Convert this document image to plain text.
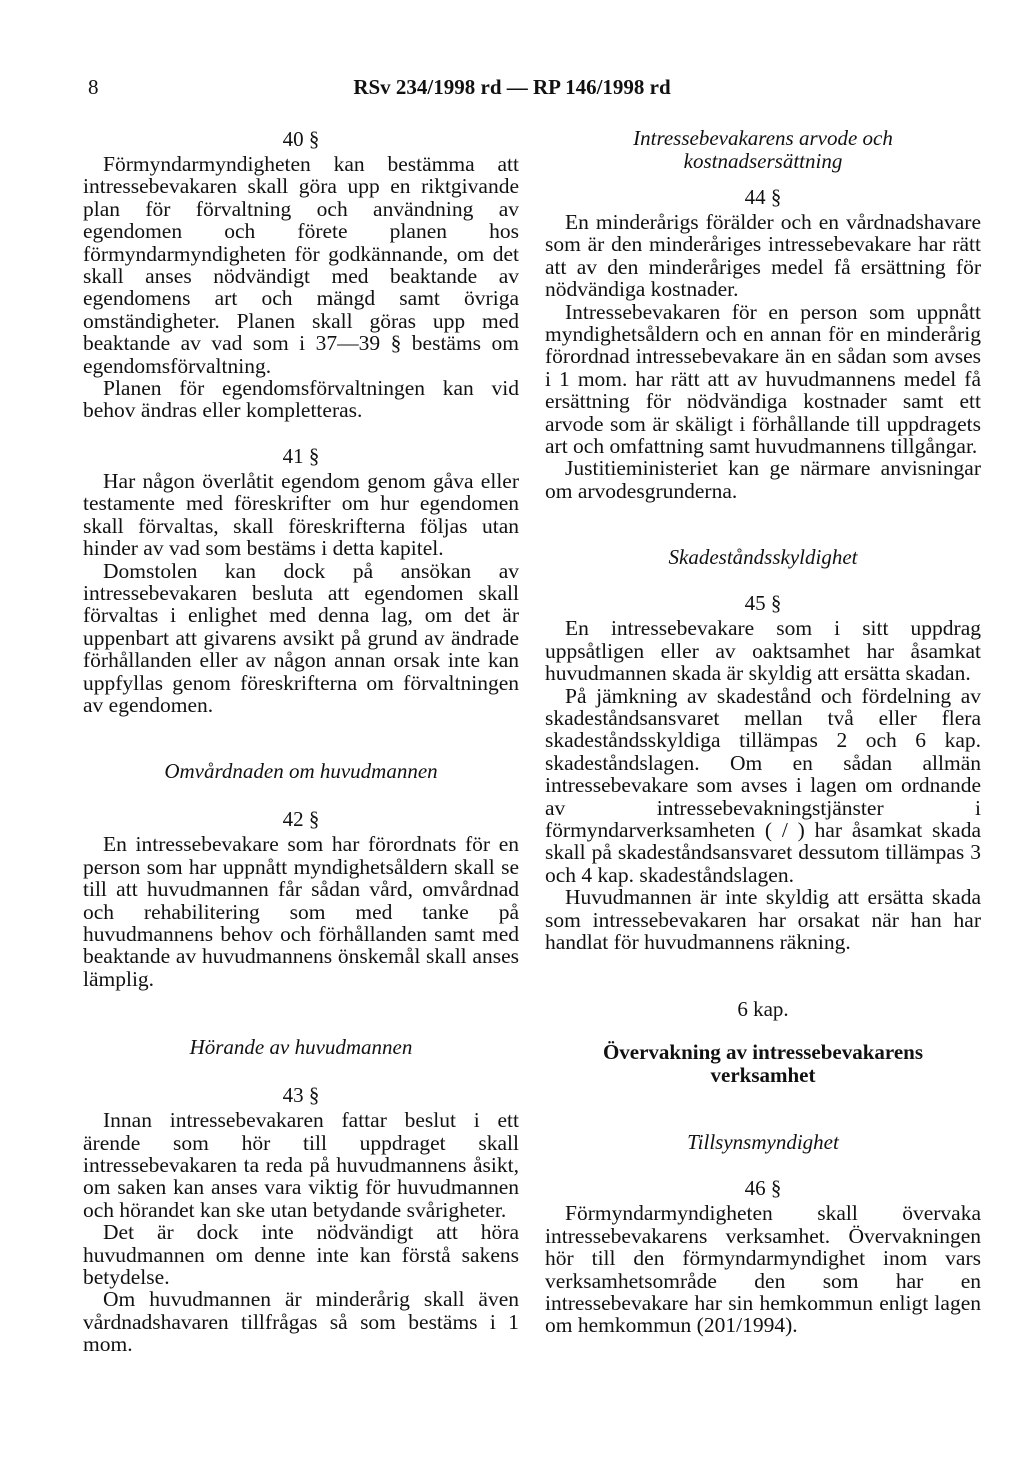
8	RSv 234/1998 rd — RP 146/1998 rd
40 §

Förmyndarmyndigheten kan bestämma att intressebevakaren skall göra upp en riktgivande plan för förvaltning och användning av egendomen och förete planen hos förmyndarmyndigheten för godkännande, om det skall anses nödvändigt med beaktande av egendomens art och mängd samt övriga omständigheter. Planen skall göras upp med beaktande av vad som i 37—39 § bestäms om egendomsförvaltning.

Planen för egendomsförvaltningen kan vid behov ändras eller kompletteras.

41 §

Har någon överlåtit egendom genom gåva eller testamente med föreskrifter om hur egendomen skall förvaltas, skall föreskrifterna följas utan hinder av vad som bestäms i detta kapitel.

Domstolen kan dock på ansökan av intressebevakaren besluta att egendomen skall förvaltas i enlighet med denna lag, om det är uppenbart att givarens avsikt på grund av ändrade förhållanden eller av någon annan orsak inte kan uppfyllas genom föreskrifterna om förvaltningen av egendomen.

Omvårdnaden om huvudmannen
42 §

En intressebevakare som har förordnats för en person som har uppnått myndighetsåldern skall se till att huvudmannen får sådan vård, omvårdnad och rehabilitering som med tanke på huvudmannens behov och förhållanden samt med beaktande av huvudmannens önskemål skall anses lämplig.

Hörande av huvudmannen
43 §

Innan intressebevakaren fattar beslut i ett ärende som hör till uppdraget skall intressebevakaren ta reda på huvudmannens åsikt, om saken kan anses vara viktig för huvudmannen och hörandet kan ske utan betydande svårigheter.

Det är dock inte nödvändigt att höra huvudmannen om denne inte kan förstå sakens betydelse.

Om huvudmannen är minderårig skall även vårdnadshavaren tillfrågas så som bestäms i 1 mom.

Intressebevakarens arvode och kostnadsersättning
44 §

En minderårigs förälder och en vårdnadshavare som är den minderåriges intressebevakare har rätt att av den minderåriges medel få ersättning för nödvändiga kostnader.

Intressebevakaren för en person som uppnått myndighetsåldern och en annan för en minderårig förordnad intressebevakare än en sådan som avses i 1 mom. har rätt att av huvudmannens medel få ersättning för nödvändiga kostnader samt ett arvode som är skäligt i förhållande till uppdragets art och omfattning samt huvudmannens tillgångar.

Justitieministeriet kan ge närmare anvisningar om arvodesgrunderna.

Skadeståndsskyldighet
45 §

En intressebevakare som i sitt uppdrag uppsåtligen eller av oaktsamhet har åsamkat huvudmannen skada är skyldig att ersätta skadan.

På jämkning av skadestånd och fördelning av skadeståndsansvaret mellan två eller flera skadeståndsskyldiga tillämpas 2 och 6 kap. skadeståndslagen. Om en sådan allmän intressebevakare som avses i lagen om ordnande av intressebevakningstjänster i förmyndarverksamheten ( / ) har åsamkat skada skall på skadeståndsansvaret dessutom tillämpas 3 och 4 kap. skadeståndslagen.

Huvudmannen är inte skyldig att ersätta skada som intressebevakaren har orsakat när han har handlat för huvudmannens räkning.

6 kap.
Övervakning av intressebevakarens verksamhet
Tillsynsmyndighet
46 §

Förmyndarmyndigheten skall övervaka intressebevakarens verksamhet. Övervakningen hör till den förmyndarmyndighet inom vars verksamhetsområde den som har en intressebevakare har sin hemkommun enligt lagen om hemkommun (201/1994).
